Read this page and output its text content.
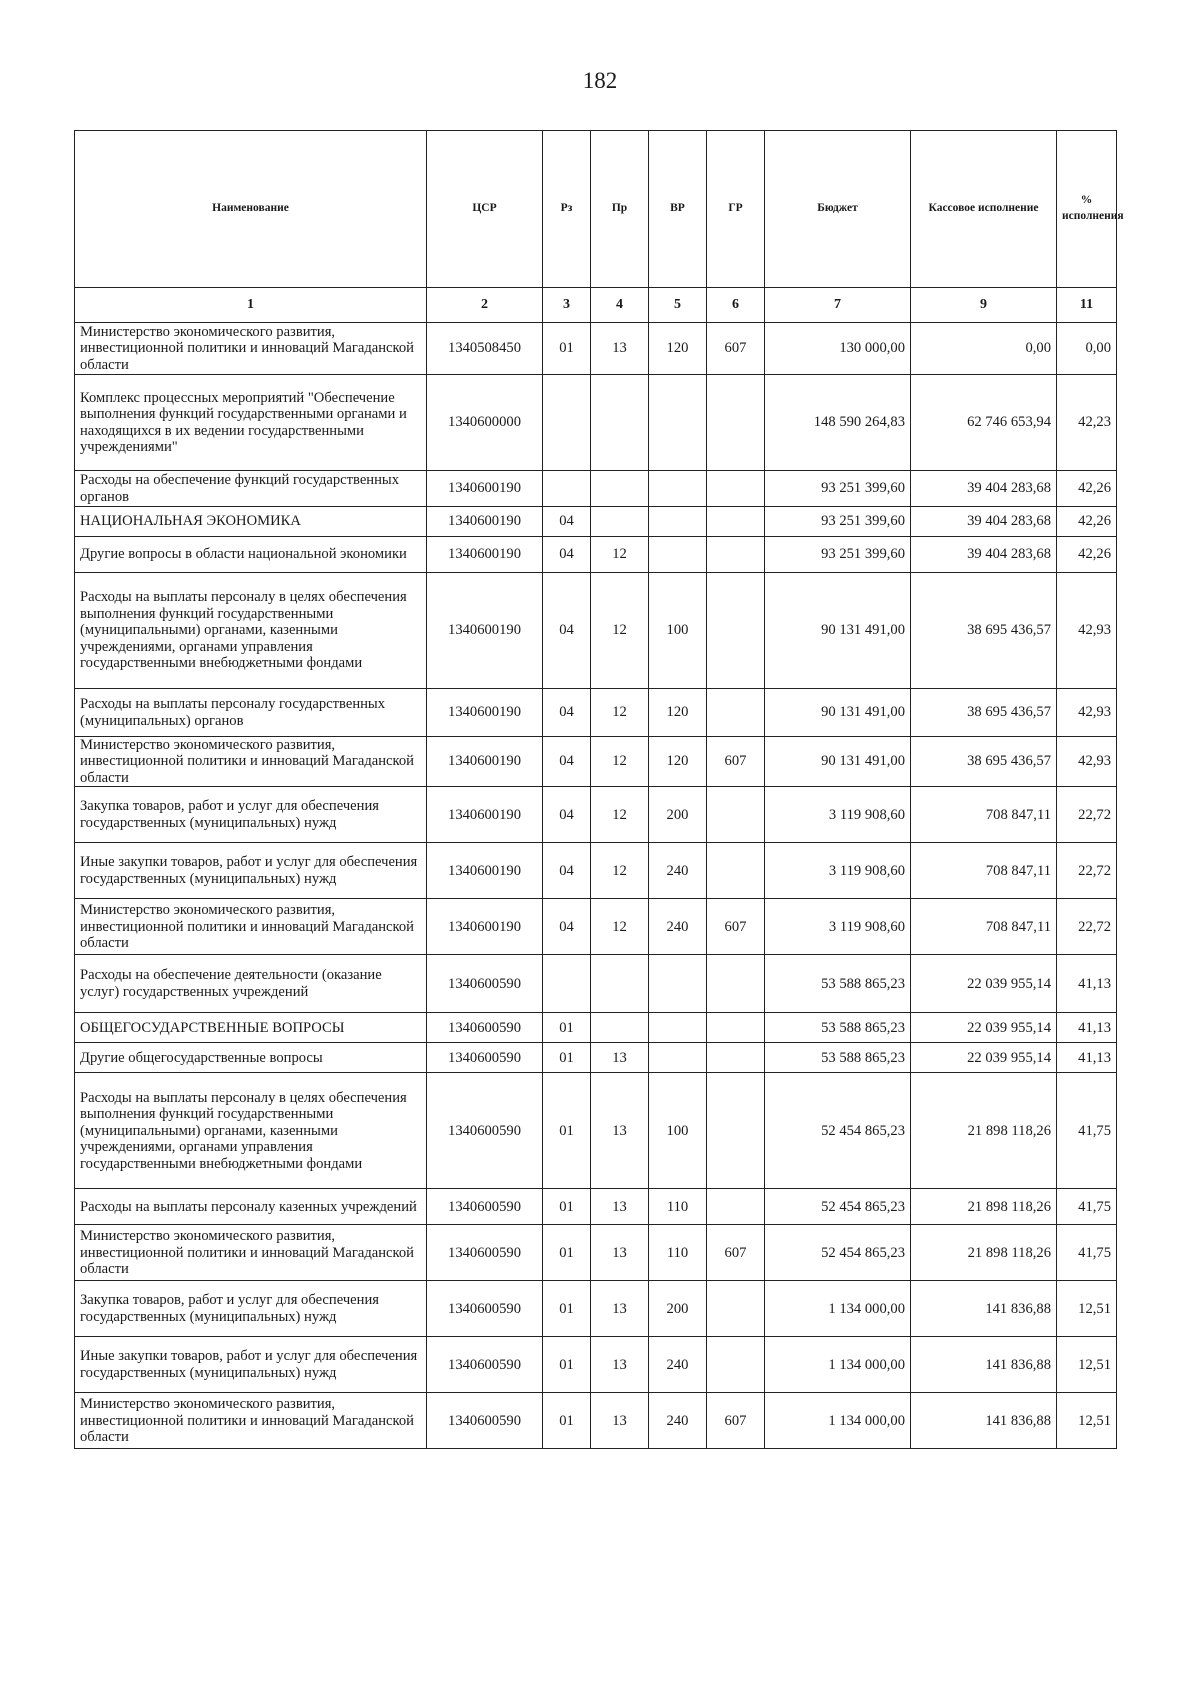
182
Наименование	ЦСР	Рз	Пр	ВР	ГР	Бюджет	Кассовое исполнение	% исполнения
1	2	3	4	5	6	7	9	11
Министерство экономического развития, инвестиционной политики и инноваций Магаданской области	1340508450	01	13	120	607	130 000,00	0,00	0,00
Комплекс процессных мероприятий "Обеспечение выполнения функций государственными органами и находящихся в их ведении государственными учреждениями"	1340600000					148 590 264,83	62 746 653,94	42,23
Расходы на обеспечение функций государственных органов	1340600190					93 251 399,60	39 404 283,68	42,26
НАЦИОНАЛЬНАЯ ЭКОНОМИКА	1340600190	04				93 251 399,60	39 404 283,68	42,26
Другие вопросы в области национальной экономики	1340600190	04	12			93 251 399,60	39 404 283,68	42,26
Расходы на выплаты персоналу в целях обеспечения выполнения функций государственными (муниципальными) органами, казенными учреждениями, органами управления государственными внебюджетными фондами	1340600190	04	12	100		90 131 491,00	38 695 436,57	42,93
Расходы на выплаты персоналу государственных (муниципальных) органов	1340600190	04	12	120		90 131 491,00	38 695 436,57	42,93
Министерство экономического развития, инвестиционной политики и инноваций Магаданской области	1340600190	04	12	120	607	90 131 491,00	38 695 436,57	42,93
Закупка товаров, работ и услуг для обеспечения государственных (муниципальных) нужд	1340600190	04	12	200		3 119 908,60	708 847,11	22,72
Иные закупки товаров, работ и услуг для обеспечения государственных (муниципальных) нужд	1340600190	04	12	240		3 119 908,60	708 847,11	22,72
Министерство экономического развития, инвестиционной политики и инноваций Магаданской области	1340600190	04	12	240	607	3 119 908,60	708 847,11	22,72
Расходы на обеспечение деятельности (оказание услуг) государственных учреждений	1340600590					53 588 865,23	22 039 955,14	41,13
ОБЩЕГОСУДАРСТВЕННЫЕ ВОПРОСЫ	1340600590	01				53 588 865,23	22 039 955,14	41,13
Другие общегосударственные вопросы	1340600590	01	13			53 588 865,23	22 039 955,14	41,13
Расходы на выплаты персоналу в целях обеспечения выполнения функций государственными (муниципальными) органами, казенными учреждениями, органами управления государственными внебюджетными фондами	1340600590	01	13	100		52 454 865,23	21 898 118,26	41,75
Расходы на выплаты персоналу казенных учреждений	1340600590	01	13	110		52 454 865,23	21 898 118,26	41,75
Министерство экономического развития, инвестиционной политики и инноваций Магаданской области	1340600590	01	13	110	607	52 454 865,23	21 898 118,26	41,75
Закупка товаров, работ и услуг для обеспечения государственных (муниципальных) нужд	1340600590	01	13	200		1 134 000,00	141 836,88	12,51
Иные закупки товаров, работ и услуг для обеспечения государственных (муниципальных) нужд	1340600590	01	13	240		1 134 000,00	141 836,88	12,51
Министерство экономического развития, инвестиционной политики и инноваций Магаданской области	1340600590	01	13	240	607	1 134 000,00	141 836,88	12,51
